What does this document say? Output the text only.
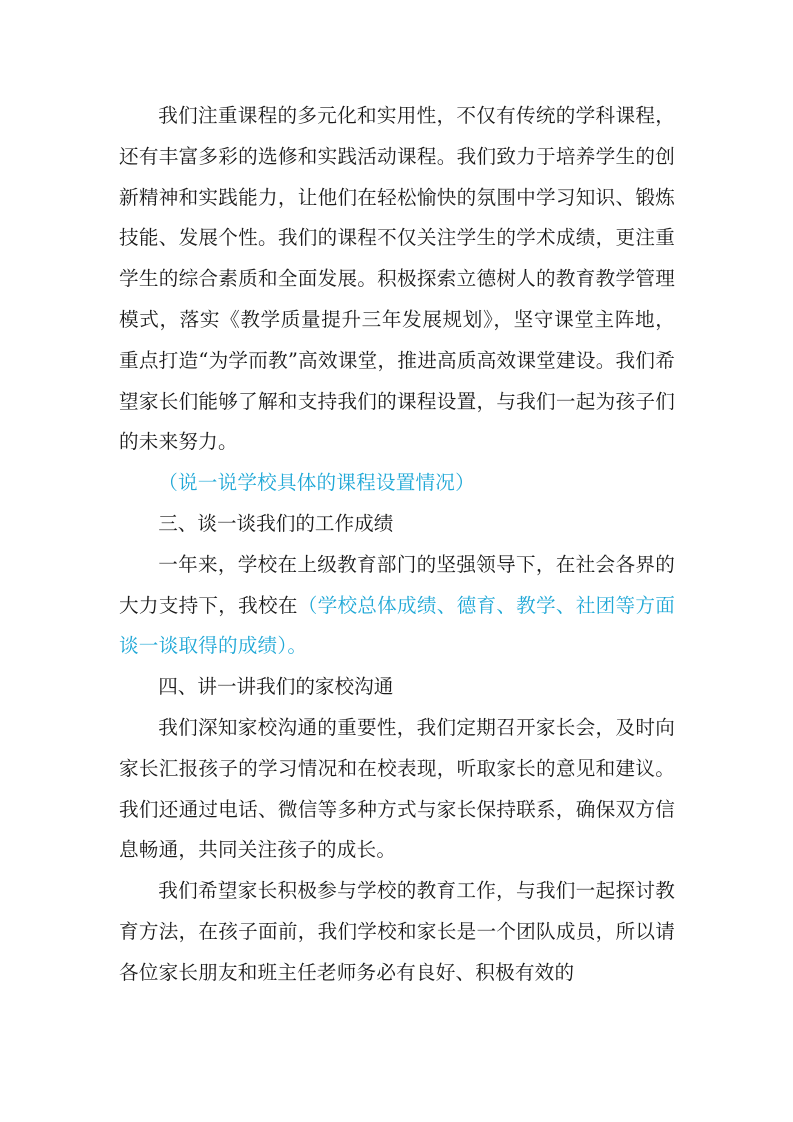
我们注重课程的多元化和实用性，不仅有传统的学科课程，还有丰富多彩的选修和实践活动课程。我们致力于培养学生的创新精神和实践能力，让他们在轻松愉快的氛围中学习知识、锻炼技能、发展个性。我们的课程不仅关注学生的学术成绩，更注重学生的综合素质和全面发展。积极探索立德树人的教育教学管理模式，落实《教学质量提升三年发展规划》，坚守课堂主阵地，重点打造“为学而教”高效课堂，推进高质高效课堂建设。我们希望家长们能够了解和支持我们的课程设置，与我们一起为孩子们的未来努力。

（说一说学校具体的课程设置情况）

三、谈一谈我们的工作成绩

一年来，学校在上级教育部门的坚强领导下，在社会各界的大力支持下，我校在（学校总体成绩、德育、教学、社团等方面谈一谈取得的成绩）。

四、讲一讲我们的家校沟通

我们深知家校沟通的重要性，我们定期召开家长会，及时向家长汇报孩子的学习情况和在校表现，听取家长的意见和建议。我们还通过电话、微信等多种方式与家长保持联系，确保双方信息畅通，共同关注孩子的成长。

我们希望家长积极参与学校的教育工作，与我们一起探讨教育方法，在孩子面前，我们学校和家长是一个团队成员，所以请各位家长朋友和班主任老师务必有良好、积极有效的
